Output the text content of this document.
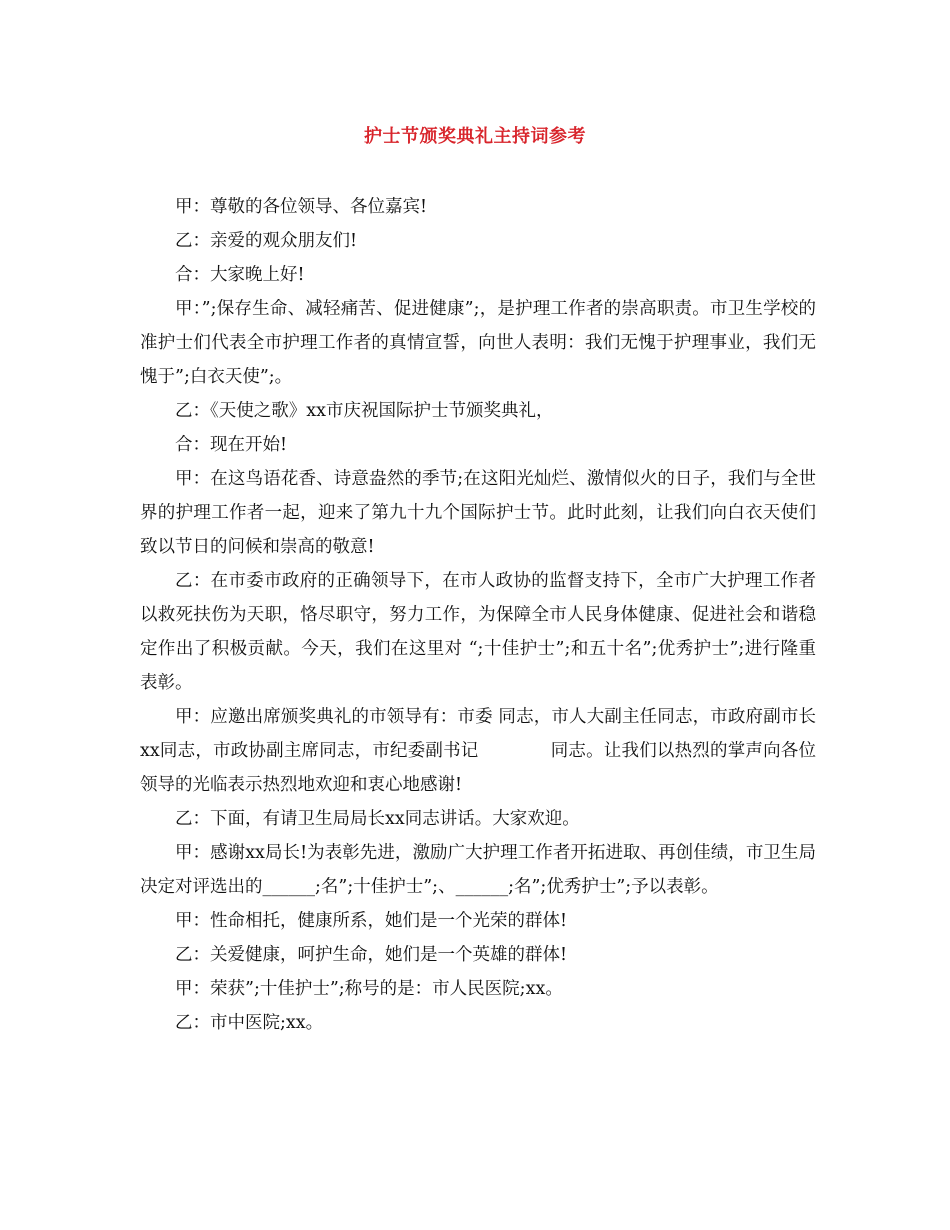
护士节颁奖典礼主持词参考

甲：尊敬的各位领导、各位嘉宾!

乙：亲爱的观众朋友们!

合：大家晚上好!

甲：”;保存生命、减轻痛苦、促进健康”;，是护理工作者的崇高职责。市卫生学校的准护士们代表全市护理工作者的真情宣誓，向世人表明：我们无愧于护理事业，我们无愧于”;白衣天使”;。

乙：《天使之歌》xx市庆祝国际护士节颁奖典礼，

合：现在开始!

甲：在这鸟语花香、诗意盎然的季节;在这阳光灿烂、激情似火的日子，我们与全世界的护理工作者一起，迎来了第九十九个国际护士节。此时此刻，让我们向白衣天使们致以节日的问候和崇高的敬意!

乙：在市委市政府的正确领导下，在市人政协的监督支持下，全市广大护理工作者以救死扶伤为天职，恪尽职守，努力工作，为保障全市人民身体健康、促进社会和谐稳定作出了积极贡献。今天，我们在这里对 “;十佳护士”;和五十名”;优秀护士”;进行隆重表彰。

甲：应邀出席颁奖典礼的市领导有：市委 同志，市人大副主任同志，市政府副市长xx同志，市政协副主席同志，市纪委副书记	同志。让我们以热烈的掌声向各位领导的光临表示热烈地欢迎和衷心地感谢!

乙：下面，有请卫生局局长xx同志讲话。大家欢迎。

甲：感谢xx局长!为表彰先进，激励广大护理工作者开拓进取、再创佳绩，市卫生局决定对评选出的______;名”;十佳护士”;、______;名”;优秀护士”;予以表彰。

甲：性命相托，健康所系，她们是一个光荣的群体!

乙：关爱健康，呵护生命，她们是一个英雄的群体!

甲：荣获”;十佳护士”;称号的是：市人民医院;xx。

乙：市中医院;xx。
